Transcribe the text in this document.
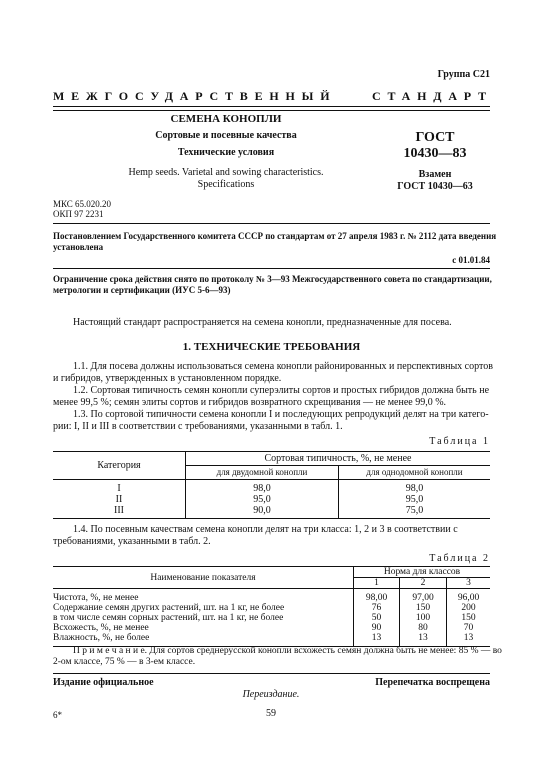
Группа С21
МЕЖГОСУДАРСТВЕННЫЙ	СТАНДАРТ
СЕМЕНА КОНОПЛИ
Сортовые и посевные качества
Технические условия
Hemp seeds. Varietal and sowing characteristics.
Specifications
ГОСТ
10430—83
Взамен
ГОСТ 10430—63
МКС 65.020.20
ОКП 97 2231
Постановлением Государственного комитета СССР по стандартам от 27 апреля 1983 г. № 2112 дата введения
установлена
с 01.01.84
Ограничение срока действия снято по протоколу № 3—93 Межгосударственного совета по стандартизации,
метрологии и сертификации (ИУС 5-6—93)
Настоящий стандарт распространяется на семена конопли, предназначенные для посева.
1. ТЕХНИЧЕСКИЕ ТРЕБОВАНИЯ
1.1. Для посева должны использоваться семена конопли районированных и перспективных сортов
и гибридов, утвержденных в установленном порядке.
1.2. Сортовая типичность семян конопли суперэлиты сортов и простых гибридов должна быть не
менее 99,5 %; семян элиты сортов и гибридов возвратного скрещивания — не менее 99,0 %.
1.3. По сортовой типичности семена конопли I и последующих репродукций делят на три катего-
рии: I, II и III в соответствии с требованиями, указанными в табл. 1.
Таблица 1
Категория	Сортовая типичность, %, не менее	
	для двудомной конопли	для однодомной конопли
I	98,0	98,0
II	95,0	95,0
III	90,0	75,0
1.4. По посевным качествам семена конопли делят на три класса: 1, 2 и 3 в соответствии с
требованиями, указанными в табл. 2.
Таблица 2
Наименование показателя	Норма для классов		
	1	2	3
Чистота, %, не менее	98,00	97,00	96,00
Содержание семян других растений, шт. на 1 кг, не более	76	150	200
в том числе семян сорных растений, шт. на 1 кг, не более	50	100	150
Всхожесть, %, не менее	90	80	70
Влажность, %, не более	13	13	13
П р и м е ч а н и е. Для сортов среднерусской конопли всхожесть семян должна быть не менее: 85 % — во
2-ом классе, 75 % — в 3-ем классе.
Издание официальное	Перепечатка воспрещена
Переиздание.
6*	59
